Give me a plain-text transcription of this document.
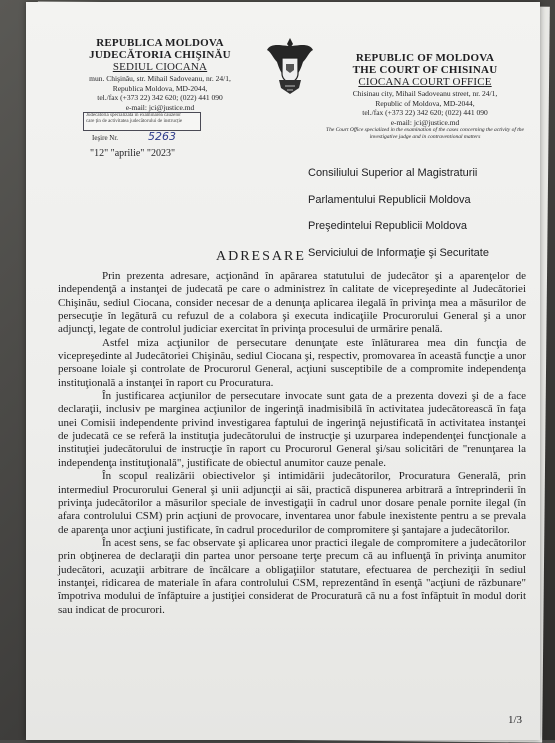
REPUBLICA MOLDOVA
JUDECĂTORIA CHIŞINĂU
SEDIUL CIOCANA
mun. Chişinău, str. Mihail Sadoveanu, nr. 24/1,
Republica Moldova, MD-2044,
tel./fax (+373 22) 342 620; (022) 441 090
e-mail: jci@justice.md
REPUBLIC OF MOLDOVA
THE COURT OF CHISINAU
CIOCANA COURT OFFICE
Chisinau city, Mihail Sadoveanu street, nr. 24/1,
Republic of Moldova, MD-2044,
tel./fax (+373 22) 342 620; (022) 441 090
e-mail: jci@justice.md
The Court Office specialized in the examination of the cases concerning the activity of the investigative judge and in contraventional matters
Judecătoria specializată în examinarea cauzelor
care țin de activitatea judecătorului de instrucție
Ieşire Nr.	5263
"12" "aprilie" "2023"
Consiliului Superior al Magistraturii
Parlamentului Republicii Moldova
Preşedintelui Republicii Moldova
Serviciului de Informaţie şi Securitate
ADRESARE

Prin prezenta adresare, acţionând în apărarea statutului de judecător şi a aparenţelor de independenţă a instanţei de judecată pe care o administrez în calitate de vicepreşedinte al Judecătoriei Chişinău, sediul Ciocana, consider necesar de a denunţa aplicarea ilegală în privinţa mea a măsurilor de persecuţie în legătură cu refuzul de a colabora şi executa indicaţiile Procurorului General şi a unor adjuncţi, legate de controlul judiciar exercitat în privinţa procesului de urmărire penală.

Astfel miza acţiunilor de persecutare denunţate este înlăturarea mea din funcţia de vicepreşedinte al Judecătoriei Chişinău, sediul Ciocana şi, respectiv, promovarea în această funcţie a unor persoane loiale şi controlate de Procurorul General, acţiuni susceptibile de a compromite independenţa instituţională a instanţei în raport cu Procuratura.

În justificarea acţiunilor de persecutare invocate sunt gata de a prezenta dovezi şi de a face declaraţii, inclusiv pe marginea acţiunilor de ingerinţă inadmisibilă în activitatea judecătorească în faţa unei Comisii independente privind investigarea faptului de ingerinţă nejustificată în activitatea instanţei de judecată ce se referă la instituţia judecătorului de instrucţie şi uzurparea independenţei funcţionale a instituţiei judecătorului de instrucţie în raport cu Procurorul General şi/sau solicitări de "renunţarea la independenţa instituţională", justificate de obiectul anumitor cauze penale.

În scopul realizării obiectivelor şi intimidării judecătorilor, Procuratura Generală, prin intermediul Procurorului General şi unii adjuncţii ai săi, practică dispunerea arbitrară a întreprinderii în privinţa judecătorilor a măsurilor speciale de investigaţii în cadrul unor dosare penale pornite ilegal (în afara controlului CSM) prin acţiuni de provocare, inventarea unor fabule inexistente pentru a se prevala de aparenţa unor acţiuni justificate, în cadrul procedurilor de compromitere şi şantajare a judecătorilor.

În acest sens, se fac observate şi aplicarea unor practici ilegale de compromitere a judecătorilor prin obţinerea de declaraţii din partea unor persoane terţe precum că au influenţă în privinţa anumitor judecători, acuzaţii arbitrare de încălcare a obligaţiilor statutare, efectuarea de percheziţii în sediul instanţei, ridicarea de materiale în afara controlului CSM, reprezentând în esenţă "acţiuni de răzbunare" împotriva modului de înfăptuire a justiţiei considerat de Procuratură că nu a fost înfăptuit în modul dorit sau indicat de procurori.

1/3
